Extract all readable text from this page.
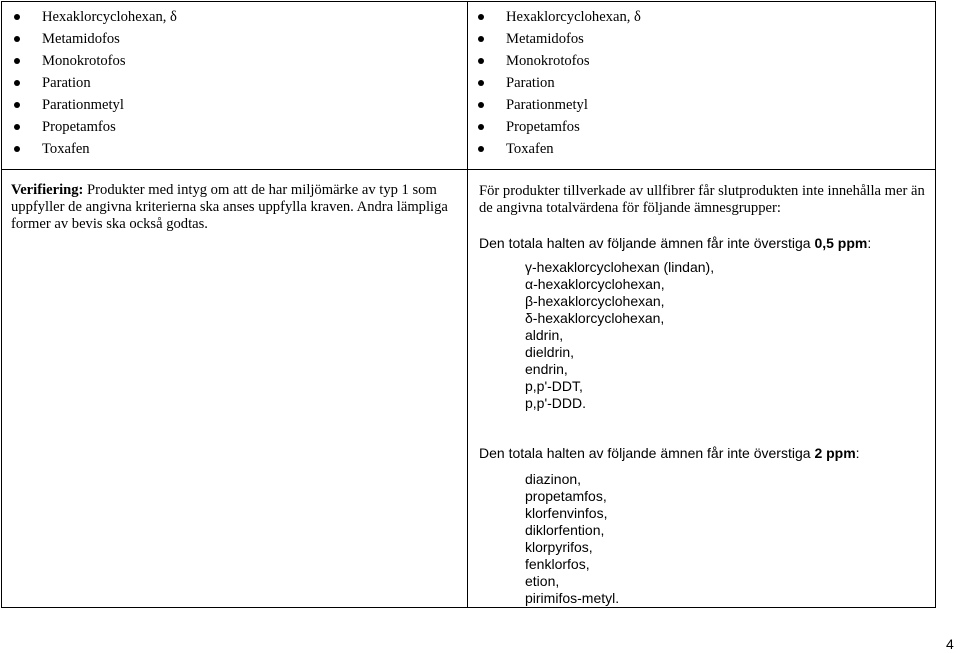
Hexaklorcyclohexan, δ
Metamidofos
Monokrotofos
Paration
Parationmetyl
Propetamfos
Toxafen
Hexaklorcyclohexan, δ
Metamidofos
Monokrotofos
Paration
Parationmetyl
Propetamfos
Toxafen
Verifiering: Produkter med intyg om att de har miljömärke av typ 1 som uppfyller de angivna kriterierna ska anses uppfylla kraven. Andra lämpliga former av bevis ska också godtas.
För produkter tillverkade av ullfibrer får slutprodukten inte innehålla mer än de angivna totalvärdena för följande ämnesgrupper:
Den totala halten av följande ämnen får inte överstiga 0,5 ppm:
γ-hexaklorcyclohexan (lindan),
α-hexaklorcyclohexan,
β-hexaklorcyclohexan,
δ-hexaklorcyclohexan,
aldrin,
dieldrin,
endrin,
p,p'-DDT,
p,p'-DDD.
Den totala halten av följande ämnen får inte överstiga 2 ppm:
diazinon,
propetamfos,
klorfenvinfos,
diklorfention,
klorpyrifos,
fenklorfos,
etion,
pirimifos-metyl.
4
